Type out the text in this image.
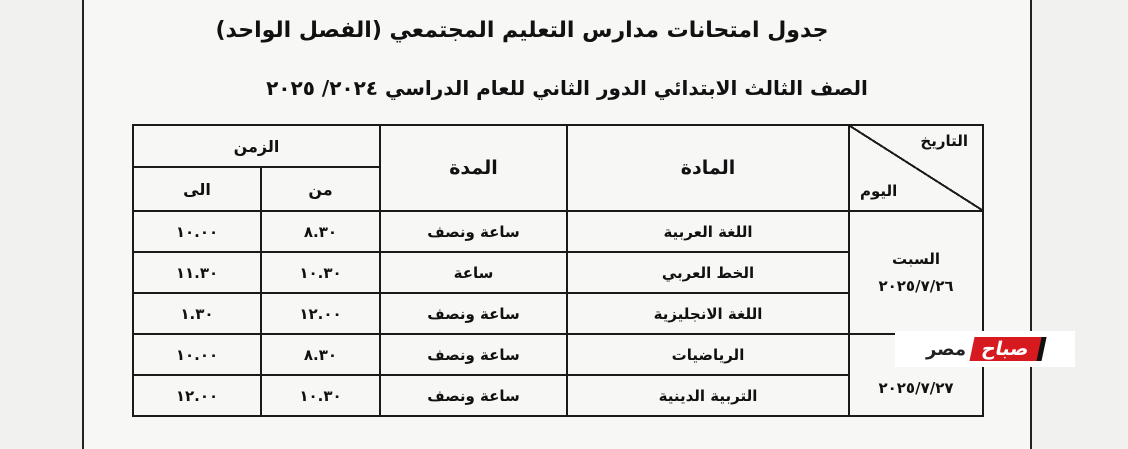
جدول امتحانات مدارس التعليم المجتمعي (الفصل الواحد)
الصف الثالث الابتدائي الدور الثاني للعام الدراسي ٢٠٢٤/ ٢٠٢٥
التاريخ
اليوم	المادة	المدة	الزمن	
			من	الى

السبت
٢٠٢٥/٧/٢٦	اللغة العربية	ساعة ونصف	٨.٣٠	١٠.٠٠
	الخط العربي	ساعة	١٠.٣٠	١١.٣٠
	اللغة الانجليزية	ساعة ونصف	١٢.٠٠	١.٣٠

٢٠٢٥/٧/٢٧	الرياضيات	ساعة ونصف	٨.٣٠	١٠.٠٠
	التربية الدينية	ساعة ونصف	١٠.٣٠	١٢.٠٠
صباح
مصر
